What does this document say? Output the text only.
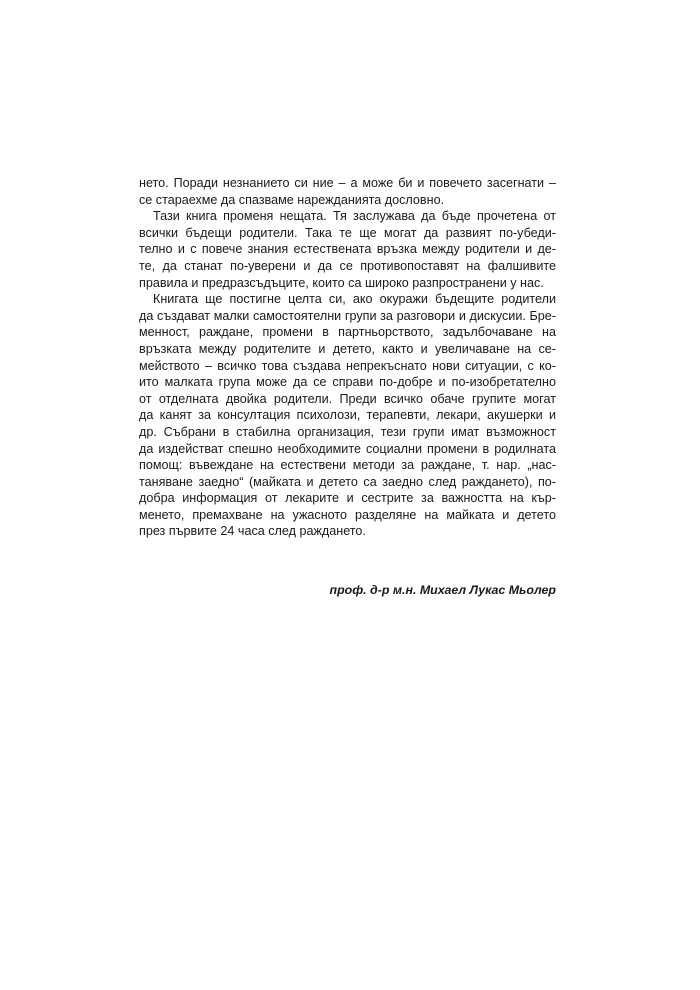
нето. Поради незнанието си ние – а може би и повечето засегнати –
се стараехме да спазваме нарежданията дословно.
Тази книга променя нещата. Тя заслужава да бъде прочетена от
всички бъдещи родители. Така те ще могат да развият по-убеди-
телно и с повече знания естествената връзка между родители и де-
те, да станат по-уверени и да се противопоставят на фалшивите
правила и предразсъдъците, които са широко разпространени у нас.
Книгата ще постигне целта си, ако окуражи бъдещите родители
да създават малки самостоятелни групи за разговори и дискусии. Бре-
менност, раждане, промени в партньорството, задълбочаване на
връзката между родителите и детето, както и увеличаване на се-
мейството – всичко това създава непрекъснато нови ситуации, с ко-
ито малката група може да се справи по-добре и по-изобретателно
от отделната двойка родители. Преди всичко обаче групите могат
да канят за консултация психолози, терапевти, лекари, акушерки и
др. Събрани в стабилна организация, тези групи имат възможност
да издействат спешно необходимите социални промени в родилната
помощ: въвеждане на естествени методи за раждане, т. нар. „нас-
таняване заедно“ (майката и детето са заедно след раждането), по-
добра информация от лекарите и сестрите за важността на кър-
менето, премахване на ужасното разделяне на майката и детето
през първите 24 часа след раждането.
проф. д-р м.н. Михаел Лукас Мьолер
